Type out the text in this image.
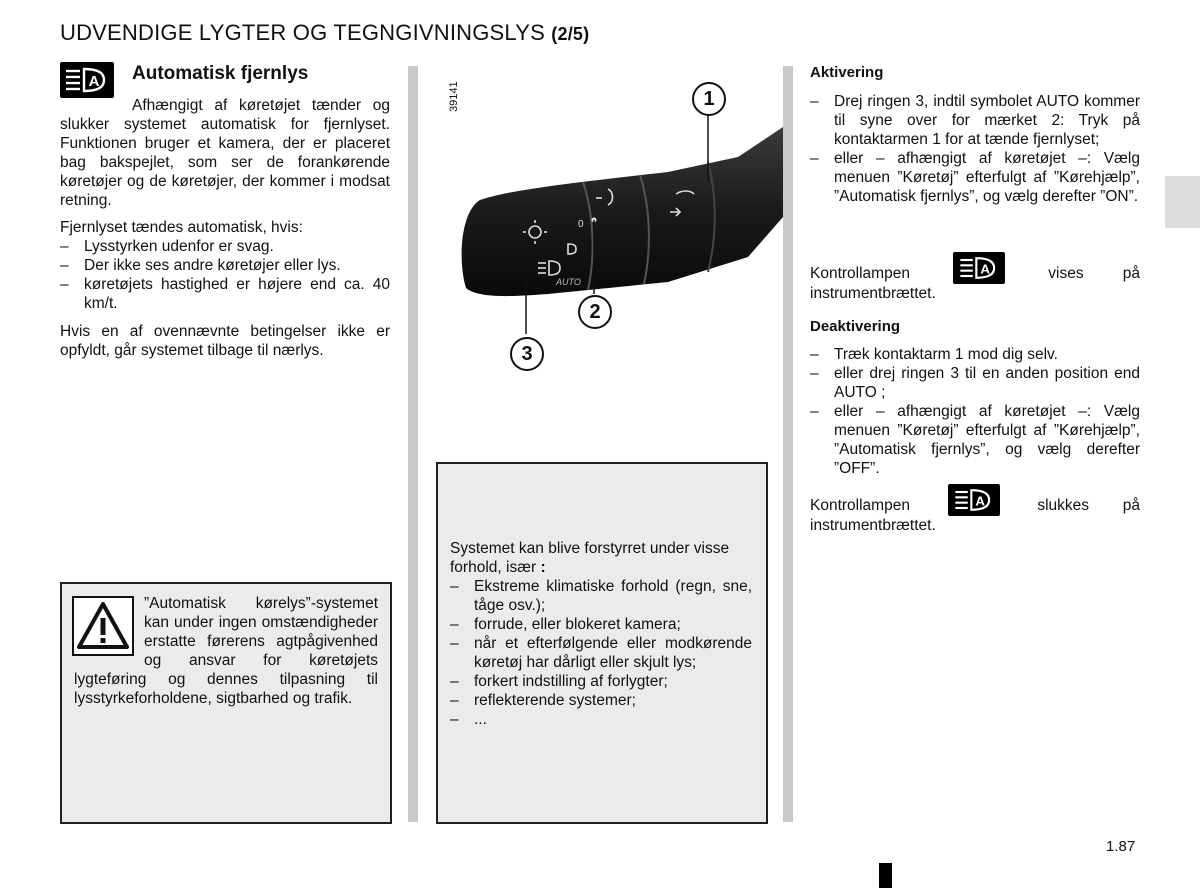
UDVENDIGE LYGTER OG TEGNGIVNINGSLYS (2/5)
A Automatisk fjernlys

Afhængigt af køretøjet tænder og slukker systemet automatisk for fjernlyset. Funktionen bruger et kamera, der er placeret bag bakspejlet, som ser de forankørende køretøjer og de køretøjer, der kommer i modsat retning.

Fjernlyset tændes automatisk, hvis:

– Lysstyrken udenfor er svag.
– Der ikke ses andre køretøjer eller lys.
– køretøjets hastighed er højere end ca. 40 km/t.

Hvis en af ovennævnte betingelser ikke er opfyldt, går systemet tilbage til nærlys.

”Automatisk kørelys”-systemet kan under ingen omstændigheder erstatte førerens agtpågivenhed og ansvar for køretøjets lygteføring og dennes tilpasning til lysstyrkeforholdene, sigtbarhed og trafik.

39141
0
AUTO
1
2
3

Systemet kan blive forstyrret under visse forhold, især :

– Ekstreme klimatiske forhold (regn, sne, tåge osv.);
– forrude, eller blokeret kamera;
– når et efterfølgende eller modkørende køretøj har dårligt eller skjult lys;
– forkert indstilling af forlygter;
– reflekterende systemer;
– ...
Aktivering
– Drej ringen 3, indtil symbolet AUTO kommer til syne over for mærket 2: Tryk på kontaktarmen 1 for at tænde fjernlyset;
– eller – afhængigt af køretøjet –: Vælg menuen ”Køretøj” efterfulgt af ”Kørehjælp”, ”Automatisk fjernlys”, og vælg derefter ”ON”.
Kontrollampen	A	vises på instrumentbrættet.
Deaktivering
– Træk kontaktarm 1 mod dig selv.
– eller drej ringen 3 til en anden position end AUTO ;
– eller – afhængigt af køretøjet –: Vælg menuen ”Køretøj” efterfulgt af ”Kørehjælp”, ”Automatisk fjernlys”, og vælg derefter ”OFF”.
Kontrollampen	A	slukkes på instrumentbrættet.
1.87
